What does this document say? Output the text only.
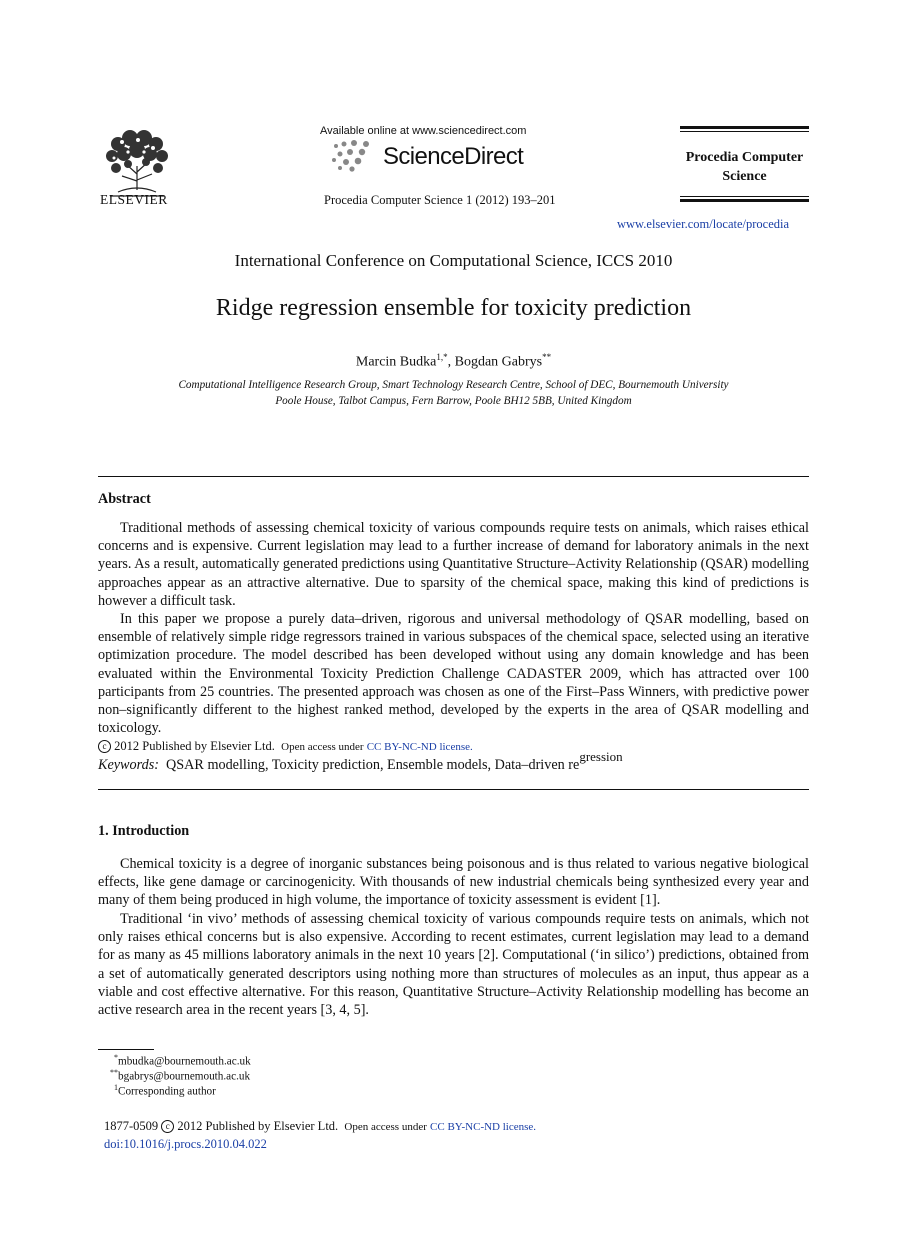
ELSEVIER
Available online at www.sciencedirect.com
ScienceDirect
Procedia Computer Science 1 (2012) 193–201
Procedia Computer
Science
www.elsevier.com/locate/procedia
International Conference on Computational Science, ICCS 2010
Ridge regression ensemble for toxicity prediction
Marcin Budka$^{1,*}$, Bogdan Gabrys**
Computational Intelligence Research Group, Smart Technology Research Centre, School of DEC, Bournemouth University
Poole House, Talbot Campus, Fern Barrow, Poole BH12 5BB, United Kingdom
Abstract

Traditional methods of assessing chemical toxicity of various compounds require tests on animals, which raises ethical concerns and is expensive. Current legislation may lead to a further increase of demand for laboratory animals in the next years. As a result, automatically generated predictions using Quantitative Structure–Activity Relationship (QSAR) modelling approaches appear as an attractive alternative. Due to sparsity of the chemical space, making this kind of predictions is however a difficult task.

In this paper we propose a purely data–driven, rigorous and universal methodology of QSAR modelling, based on ensemble of relatively simple ridge regressors trained in various subspaces of the chemical space, selected using an iterative optimization procedure. The model described has been developed without using any domain knowledge and has been evaluated within the Environmental Toxicity Prediction Challenge CADASTER 2009, which has attracted over 100 participants from 25 countries. The presented approach was chosen as one of the First–Pass Winners, with predictive power non–significantly different to the highest ranked method, developed by the experts in the area of QSAR modelling and toxicology.

c 2012 Published by Elsevier Ltd. Open access under CC BY-NC-ND license.
Keywords: QSAR modelling, Toxicity prediction, Ensemble models, Data–driven regression
1. Introduction

Chemical toxicity is a degree of inorganic substances being poisonous and is thus related to various negative biological effects, like gene damage or carcinogenicity. With thousands of new industrial chemicals being synthesized every year and many of them being produced in high volume, the importance of toxicity assessment is evident [1].

Traditional ‘in vivo’ methods of assessing chemical toxicity of various compounds require tests on animals, which not only raises ethical concerns but is also expensive. According to recent estimates, current legislation may lead to a demand for as many as 45 millions laboratory animals in the next 10 years [2]. Computational (‘in silico’) predictions, obtained from a set of automatically generated descriptors using nothing more than structures of molecules as an input, thus appear as a viable and cost effective alternative. For this reason, Quantitative Structure–Activity Relationship modelling has become an active research area in the recent years [3, 4, 5].

*mbudka@bournemouth.ac.uk
**bgabrys@bournemouth.ac.uk
$^1$Corresponding author
1877-0509 c 2012 Published by Elsevier Ltd. Open access under CC BY-NC-ND license.
doi:10.1016/j.procs.2010.04.022
